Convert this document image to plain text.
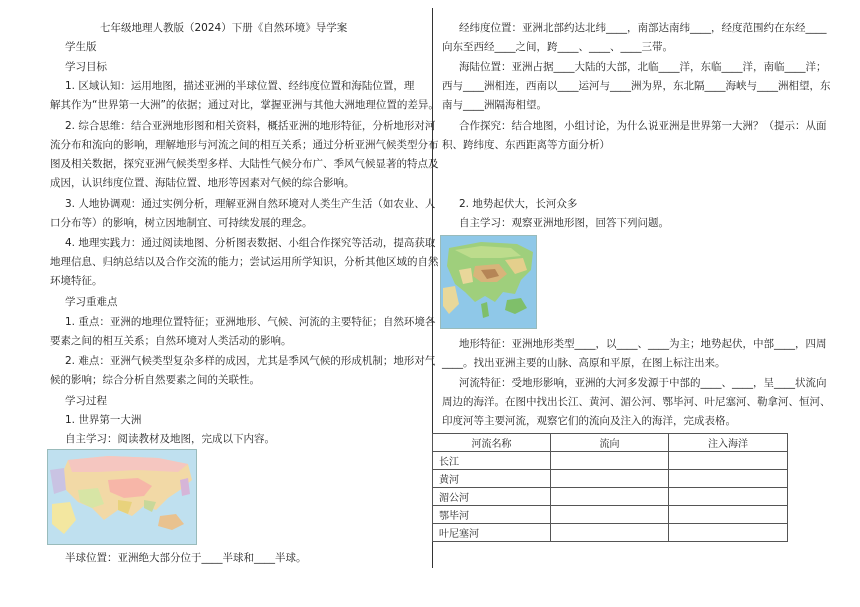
七年级地理人教版（2024）下册《自然环境》导学案
学生版
学习目标
1. 区域认知：运用地图，描述亚洲的半球位置、经纬度位置和海陆位置，理
解其作为“世界第一大洲”的依据；通过对比，掌握亚洲与其他大洲地理位置的差异。
2. 综合思维：结合亚洲地形图和相关资料，概括亚洲的地形特征，分析地形对河
流分布和流向的影响，理解地形与河流之间的相互关系；通过分析亚洲气候类型分布
图及相关数据，探究亚洲气候类型多样、大陆性气候分布广、季风气候显著的特点及
成因，认识纬度位置、海陆位置、地形等因素对气候的综合影响。
3. 人地协调观：通过实例分析，理解亚洲自然环境对人类生产生活（如农业、人
口分布等）的影响，树立因地制宜、可持续发展的理念。
4. 地理实践力：通过阅读地图、分析图表数据、小组合作探究等活动，提高获取
地理信息、归纳总结以及合作交流的能力；尝试运用所学知识，分析其他区域的自然
环境特征。
学习重难点
1. 重点：亚洲的地理位置特征；亚洲地形、气候、河流的主要特征；自然环境各
要素之间的相互关系；自然环境对人类活动的影响。
2. 难点：亚洲气候类型复杂多样的成因，尤其是季风气候的形成机制；地形对气
候的影响；综合分析自然要素之间的关联性。
学习过程
1. 世界第一大洲
自主学习：阅读教材及地图，完成以下内容。
半球位置：亚洲绝大部分位于____半球和____半球。
经纬度位置：亚洲北部约达北纬____，南部达南纬____，经度范围约在东经____
向东至西经____之间，跨____、____、____三带。
海陆位置：亚洲占据____大陆的大部，北临____洋，东临____洋，南临____洋；
西与____洲相连，西南以____运河与____洲为界，东北隔____海峡与____洲相望，东
南与____洲隔海相望。
合作探究：结合地图，小组讨论，为什么说亚洲是世界第一大洲？（提示：从面
积、跨纬度、东西距离等方面分析）
2. 地势起伏大，长河众多
自主学习：观察亚洲地形图，回答下列问题。
地形特征：亚洲地形类型____，以____、____为主；地势起伏，中部____，四周
____。找出亚洲主要的山脉、高原和平原，在图上标注出来。
河流特征：受地形影响，亚洲的大河多发源于中部的____、____，呈____状流向
周边的海洋。在图中找出长江、黄河、湄公河、鄂毕河、叶尼塞河、勒拿河、恒河、
印度河等主要河流，观察它们的流向及注入的海洋，完成表格。
河流名称	流向	注入海洋
长江		
黄河		
湄公河		
鄂毕河		
叶尼塞河		
